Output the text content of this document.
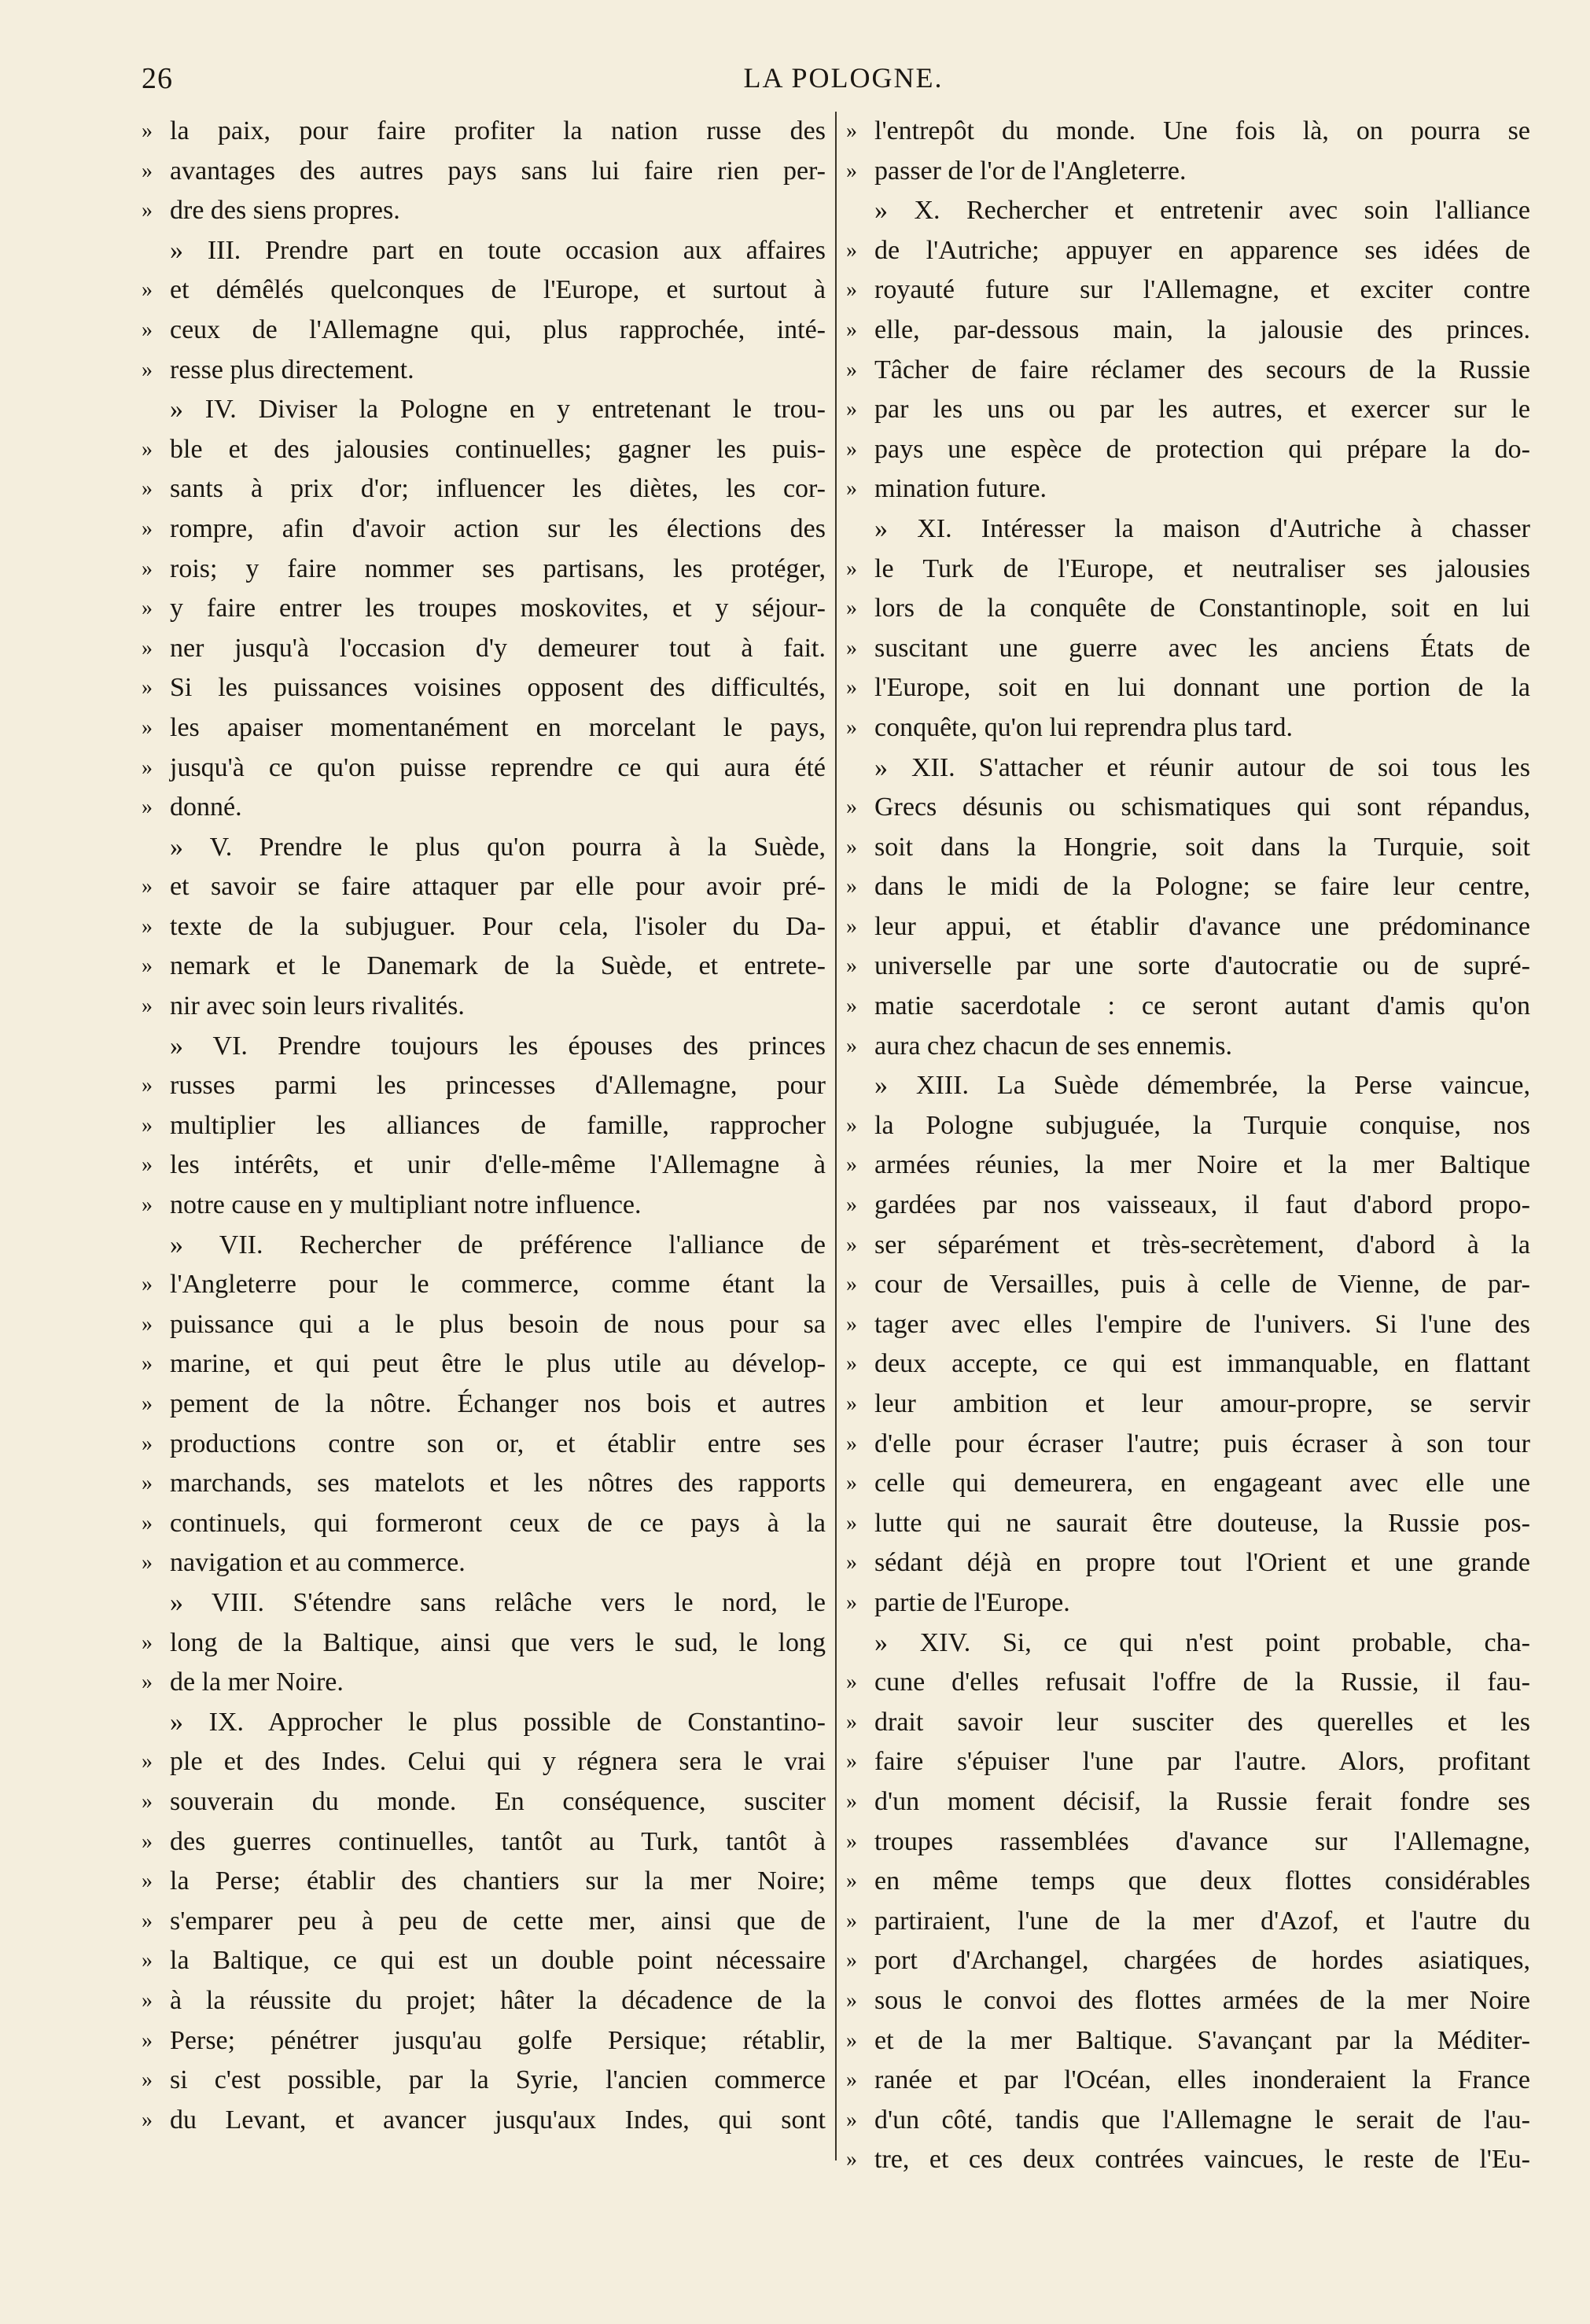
26	LA POLOGNE.
» la paix, pour faire profiter la nation russe des
» avantages des autres pays sans lui faire rien per-
» dre des siens propres.
» III. Prendre part en toute occasion aux affaires
» et démêlés quelconques de l'Europe, et surtout à
» ceux de l'Allemagne qui, plus rapprochée, inté-
» resse plus directement.
» IV. Diviser la Pologne en y entretenant le trou-
» ble et des jalousies continuelles; gagner les puis-
» sants à prix d'or; influencer les diètes, les cor-
» rompre, afin d'avoir action sur les élections des
» rois; y faire nommer ses partisans, les protéger,
» y faire entrer les troupes moskovites, et y séjour-
» ner jusqu'à l'occasion d'y demeurer tout à fait.
» Si les puissances voisines opposent des difficultés,
» les apaiser momentanément en morcelant le pays,
» jusqu'à ce qu'on puisse reprendre ce qui aura été
» donné.
» V. Prendre le plus qu'on pourra à la Suède,
» et savoir se faire attaquer par elle pour avoir pré-
» texte de la subjuguer. Pour cela, l'isoler du Da-
» nemark et le Danemark de la Suède, et entrete-
» nir avec soin leurs rivalités.
» VI. Prendre toujours les épouses des princes
» russes parmi les princesses d'Allemagne, pour
» multiplier les alliances de famille, rapprocher
» les intérêts, et unir d'elle-même l'Allemagne à
» notre cause en y multipliant notre influence.
» VII. Rechercher de préférence l'alliance de
» l'Angleterre pour le commerce, comme étant la
» puissance qui a le plus besoin de nous pour sa
» marine, et qui peut être le plus utile au dévelop-
» pement de la nôtre. Échanger nos bois et autres
» productions contre son or, et établir entre ses
» marchands, ses matelots et les nôtres des rapports
» continuels, qui formeront ceux de ce pays à la
» navigation et au commerce.
» VIII. S'étendre sans relâche vers le nord, le
» long de la Baltique, ainsi que vers le sud, le long
» de la mer Noire.
» IX. Approcher le plus possible de Constantino-
» ple et des Indes. Celui qui y régnera sera le vrai
» souverain du monde. En conséquence, susciter
» des guerres continuelles, tantôt au Turk, tantôt à
» la Perse; établir des chantiers sur la mer Noire;
» s'emparer peu à peu de cette mer, ainsi que de
» la Baltique, ce qui est un double point nécessaire
» à la réussite du projet; hâter la décadence de la
» Perse; pénétrer jusqu'au golfe Persique; rétablir,
» si c'est possible, par la Syrie, l'ancien commerce
» du Levant, et avancer jusqu'aux Indes, qui sont
» l'entrepôt du monde. Une fois là, on pourra se
» passer de l'or de l'Angleterre.
» X. Rechercher et entretenir avec soin l'alliance
» de l'Autriche; appuyer en apparence ses idées de
» royauté future sur l'Allemagne, et exciter contre
» elle, par-dessous main, la jalousie des princes.
» Tâcher de faire réclamer des secours de la Russie
» par les uns ou par les autres, et exercer sur le
» pays une espèce de protection qui prépare la do-
» mination future.
» XI. Intéresser la maison d'Autriche à chasser
» le Turk de l'Europe, et neutraliser ses jalousies
» lors de la conquête de Constantinople, soit en lui
» suscitant une guerre avec les anciens États de
» l'Europe, soit en lui donnant une portion de la
» conquête, qu'on lui reprendra plus tard.
» XII. S'attacher et réunir autour de soi tous les
» Grecs désunis ou schismatiques qui sont répandus,
» soit dans la Hongrie, soit dans la Turquie, soit
» dans le midi de la Pologne; se faire leur centre,
» leur appui, et établir d'avance une prédominance
» universelle par une sorte d'autocratie ou de supré-
» matie sacerdotale : ce seront autant d'amis qu'on
» aura chez chacun de ses ennemis.
» XIII. La Suède démembrée, la Perse vaincue,
» la Pologne subjuguée, la Turquie conquise, nos
» armées réunies, la mer Noire et la mer Baltique
» gardées par nos vaisseaux, il faut d'abord propo-
» ser séparément et très-secrètement, d'abord à la
» cour de Versailles, puis à celle de Vienne, de par-
» tager avec elles l'empire de l'univers. Si l'une des
» deux accepte, ce qui est immanquable, en flattant
» leur ambition et leur amour-propre, se servir
» d'elle pour écraser l'autre; puis écraser à son tour
» celle qui demeurera, en engageant avec elle une
» lutte qui ne saurait être douteuse, la Russie pos-
» sédant déjà en propre tout l'Orient et une grande
» partie de l'Europe.
» XIV. Si, ce qui n'est point probable, cha-
» cune d'elles refusait l'offre de la Russie, il fau-
» drait savoir leur susciter des querelles et les
» faire s'épuiser l'une par l'autre. Alors, profitant
» d'un moment décisif, la Russie ferait fondre ses
» troupes rassemblées d'avance sur l'Allemagne,
» en même temps que deux flottes considérables
» partiraient, l'une de la mer d'Azof, et l'autre du
» port d'Archangel, chargées de hordes asiatiques,
» sous le convoi des flottes armées de la mer Noire
» et de la mer Baltique. S'avançant par la Méditer-
» ranée et par l'Océan, elles inonderaient la France
» d'un côté, tandis que l'Allemagne le serait de l'au-
» tre, et ces deux contrées vaincues, le reste de l'Eu-
